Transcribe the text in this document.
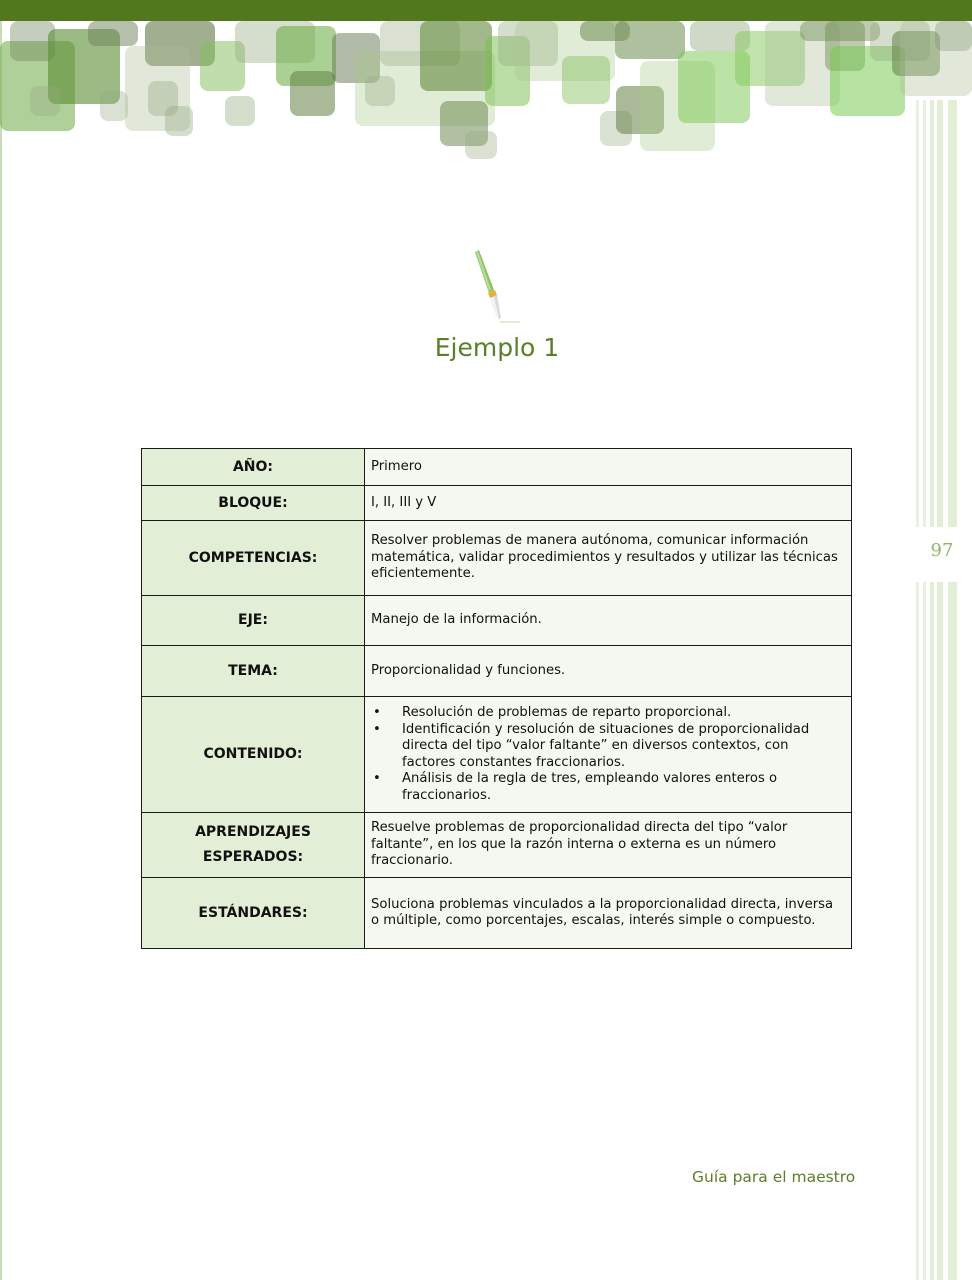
97
Ejemplo 1
AÑO:	Primero
BLOQUE:	I, II, III y V
COMPETENCIAS:	Resolver problemas de manera autónoma, comunicar información matemática, validar procedimientos y resultados y utilizar las técnicas eficientemente.
EJE:	Manejo de la información.
TEMA:	Proporcionalidad y funciones.
CONTENIDO:	
• Resolución de problemas de reparto proporcional.
• Identificación y resolución de situaciones de proporcionalidad directa del tipo “valor faltante” en diversos contextos, con factores constantes fraccionarios.
• Análisis de la regla de tres, empleando valores enteros o fraccionarios.

APRENDIZAJES
ESPERADOS:	Resuelve problemas de proporcionalidad directa del tipo “valor faltante”, en los que la razón interna o externa es un número fraccionario.
ESTÁNDARES:	Soluciona problemas vinculados a la proporcionalidad directa, inversa o múltiple, como porcentajes, escalas, interés simple o compuesto.
Guía para el maestro
